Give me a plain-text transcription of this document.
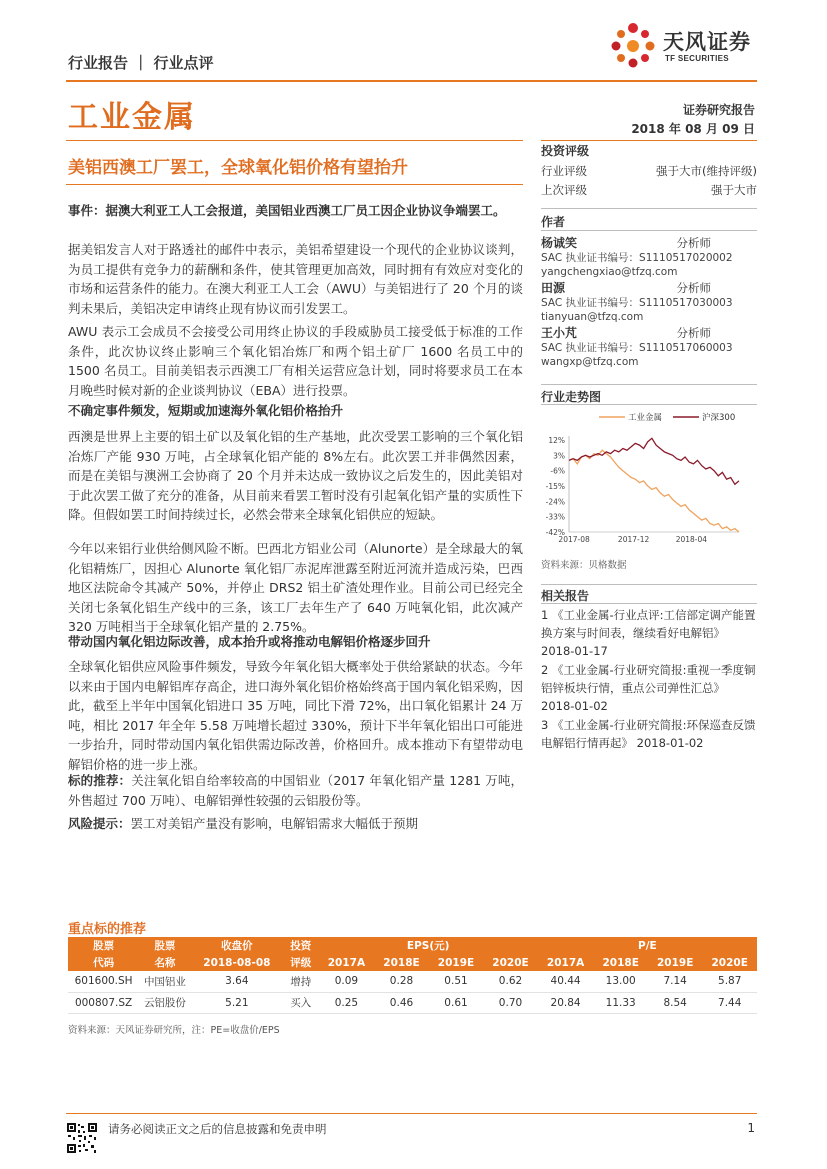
行业报告 ｜ 行业点评
天风证券
TF SECURITIES
工业金属	证券研究报告
2018 年 08 月 09 日
美铝西澳工厂罢工，全球氧化铝价格有望抬升
事件：据澳大利亚工人工会报道，美国铝业西澳工厂员工因企业协议争端罢工。
据美铝发言人对于路透社的邮件中表示，美铝希望建设一个现代的企业协议谈判，为员工提供有竞争力的薪酬和条件，使其管理更加高效，同时拥有有效应对变化的市场和运营条件的能力。在澳大利亚工人工会（AWU）与美铝进行了 20 个月的谈判未果后，美铝决定申请终止现有协议而引发罢工。
AWU 表示工会成员不会接受公司用终止协议的手段威胁员工接受低于标准的工作条件，此次协议终止影响三个氧化铝冶炼厂和两个铝土矿厂 1600 名员工中的 1500 名员工。目前美铝表示西澳工厂有相关运营应急计划，同时将要求员工在本月晚些时候对新的企业谈判协议（EBA）进行投票。
不确定事件频发，短期或加速海外氧化铝价格抬升
西澳是世界上主要的铝土矿以及氧化铝的生产基地，此次受罢工影响的三个氧化铝冶炼厂产能 930 万吨，占全球氧化铝产能的 8%左右。此次罢工并非偶然因素，而是在美铝与澳洲工会协商了 20 个月并未达成一致协议之后发生的，因此美铝对于此次罢工做了充分的准备，从目前来看罢工暂时没有引起氧化铝产量的实质性下降。但假如罢工时间持续过长，必然会带来全球氧化铝供应的短缺。
今年以来铝行业供给侧风险不断。巴西北方铝业公司（Alunorte）是全球最大的氧化铝精炼厂，因担心 Alunorte 氧化铝厂赤泥库泄露至附近河流并造成污染，巴西地区法院命令其减产 50%，并停止 DRS2 铝土矿渣处理作业。目前公司已经完全关闭七条氧化铝生产线中的三条，该工厂去年生产了 640 万吨氧化铝，此次减产 320 万吨相当于全球氧化铝产量的 2.75%。
带动国内氧化铝边际改善，成本抬升或将推动电解铝价格逐步回升
全球氧化铝供应风险事件频发，导致今年氧化铝大概率处于供给紧缺的状态。今年以来由于国内电解铝库存高企，进口海外氧化铝价格始终高于国内氧化铝采购，因此，截至上半年中国氧化铝进口 35 万吨，同比下滑 72%，出口氧化铝累计 24 万吨，相比 2017 年全年 5.58 万吨增长超过 330%，预计下半年氧化铝出口可能进一步抬升，同时带动国内氧化铝供需边际改善，价格回升。成本推动下有望带动电解铝价格的进一步上涨。
标的推荐：关注氧化铝自给率较高的中国铝业（2017 年氧化铝产量 1281 万吨，外售超过 700 万吨）、电解铝弹性较强的云铝股份等。
风险提示：罢工对美铝产量没有影响，电解铝需求大幅低于预期
投资评级
行业评级	强于大市(维持评级)
上次评级	强于大市
作者
杨诚笑	分析师
SAC 执业证书编号：S1110517020002
yangchengxiao@tfzq.com
田源	分析师
SAC 执业证书编号：S1110517030003
tianyuan@tfzq.com
王小芃	分析师
SAC 执业证书编号：S1110517060003
wangxp@tfzq.com
行业走势图
工业金属	沪深300
12%
3%
-6%
-15%
-24%
-33%
-42%
2017-08	2017-12	2018-04
资料来源：贝格数据
相关报告
1 《工业金属-行业点评:工信部定调产能置换方案与时间表，继续看好电解铝》 2018-01-17
2 《工业金属-行业研究简报:重视一季度铜铝锌板块行情，重点公司弹性汇总》 2018-01-02
3 《工业金属-行业研究简报:环保巡查反馈 电解铝行情再起》 2018-01-02
重点标的推荐
股票	股票	收盘价	投资	EPS(元)				P/E			
代码	名称	2018-08-08	评级	2017A	2018E	2019E	2020E	2017A	2018E	2019E	2020E
601600.SH	中国铝业	3.64	增持	0.09	0.28	0.51	0.62	40.44	13.00	7.14	5.87
000807.SZ	云铝股份	5.21	买入	0.25	0.46	0.61	0.70	20.84	11.33	8.54	7.44
资料来源：天风证券研究所，注：PE=收盘价/EPS
请务必阅读正文之后的信息披露和免责申明	1
